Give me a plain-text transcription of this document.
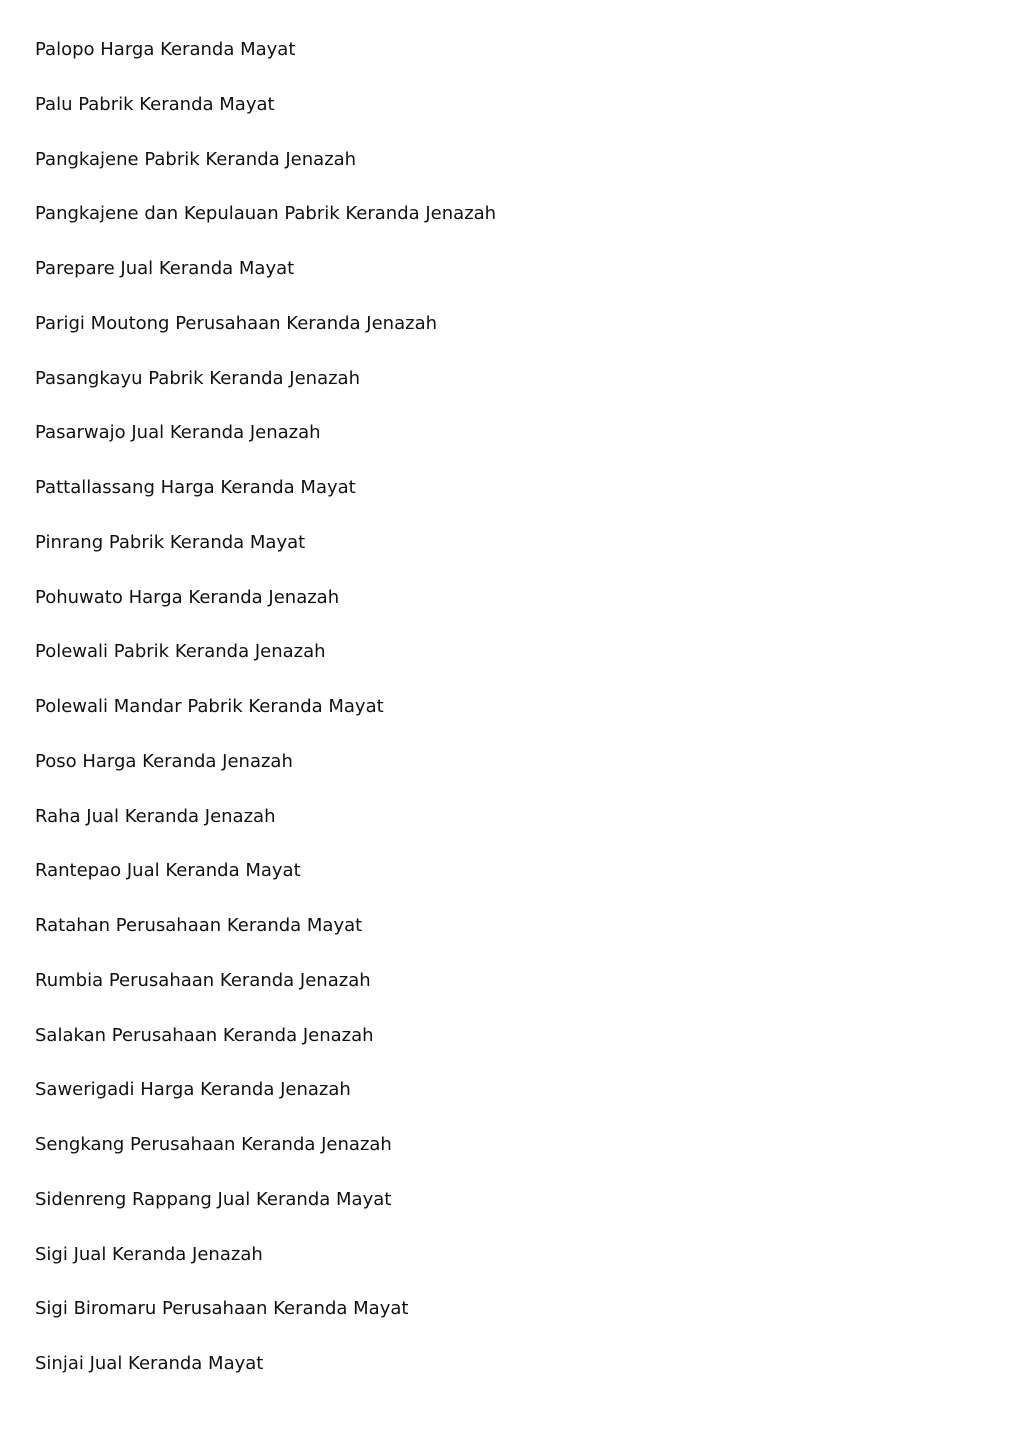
Palopo Harga Keranda Mayat
Palu Pabrik Keranda Mayat
Pangkajene Pabrik Keranda Jenazah
Pangkajene dan Kepulauan Pabrik Keranda Jenazah
Parepare Jual Keranda Mayat
Parigi Moutong Perusahaan Keranda Jenazah
Pasangkayu Pabrik Keranda Jenazah
Pasarwajo Jual Keranda Jenazah
Pattallassang Harga Keranda Mayat
Pinrang Pabrik Keranda Mayat
Pohuwato Harga Keranda Jenazah
Polewali Pabrik Keranda Jenazah
Polewali Mandar Pabrik Keranda Mayat
Poso Harga Keranda Jenazah
Raha Jual Keranda Jenazah
Rantepao Jual Keranda Mayat
Ratahan Perusahaan Keranda Mayat
Rumbia Perusahaan Keranda Jenazah
Salakan Perusahaan Keranda Jenazah
Sawerigadi Harga Keranda Jenazah
Sengkang Perusahaan Keranda Jenazah
Sidenreng Rappang Jual Keranda Mayat
Sigi Jual Keranda Jenazah
Sigi Biromaru Perusahaan Keranda Mayat
Sinjai Jual Keranda Mayat
